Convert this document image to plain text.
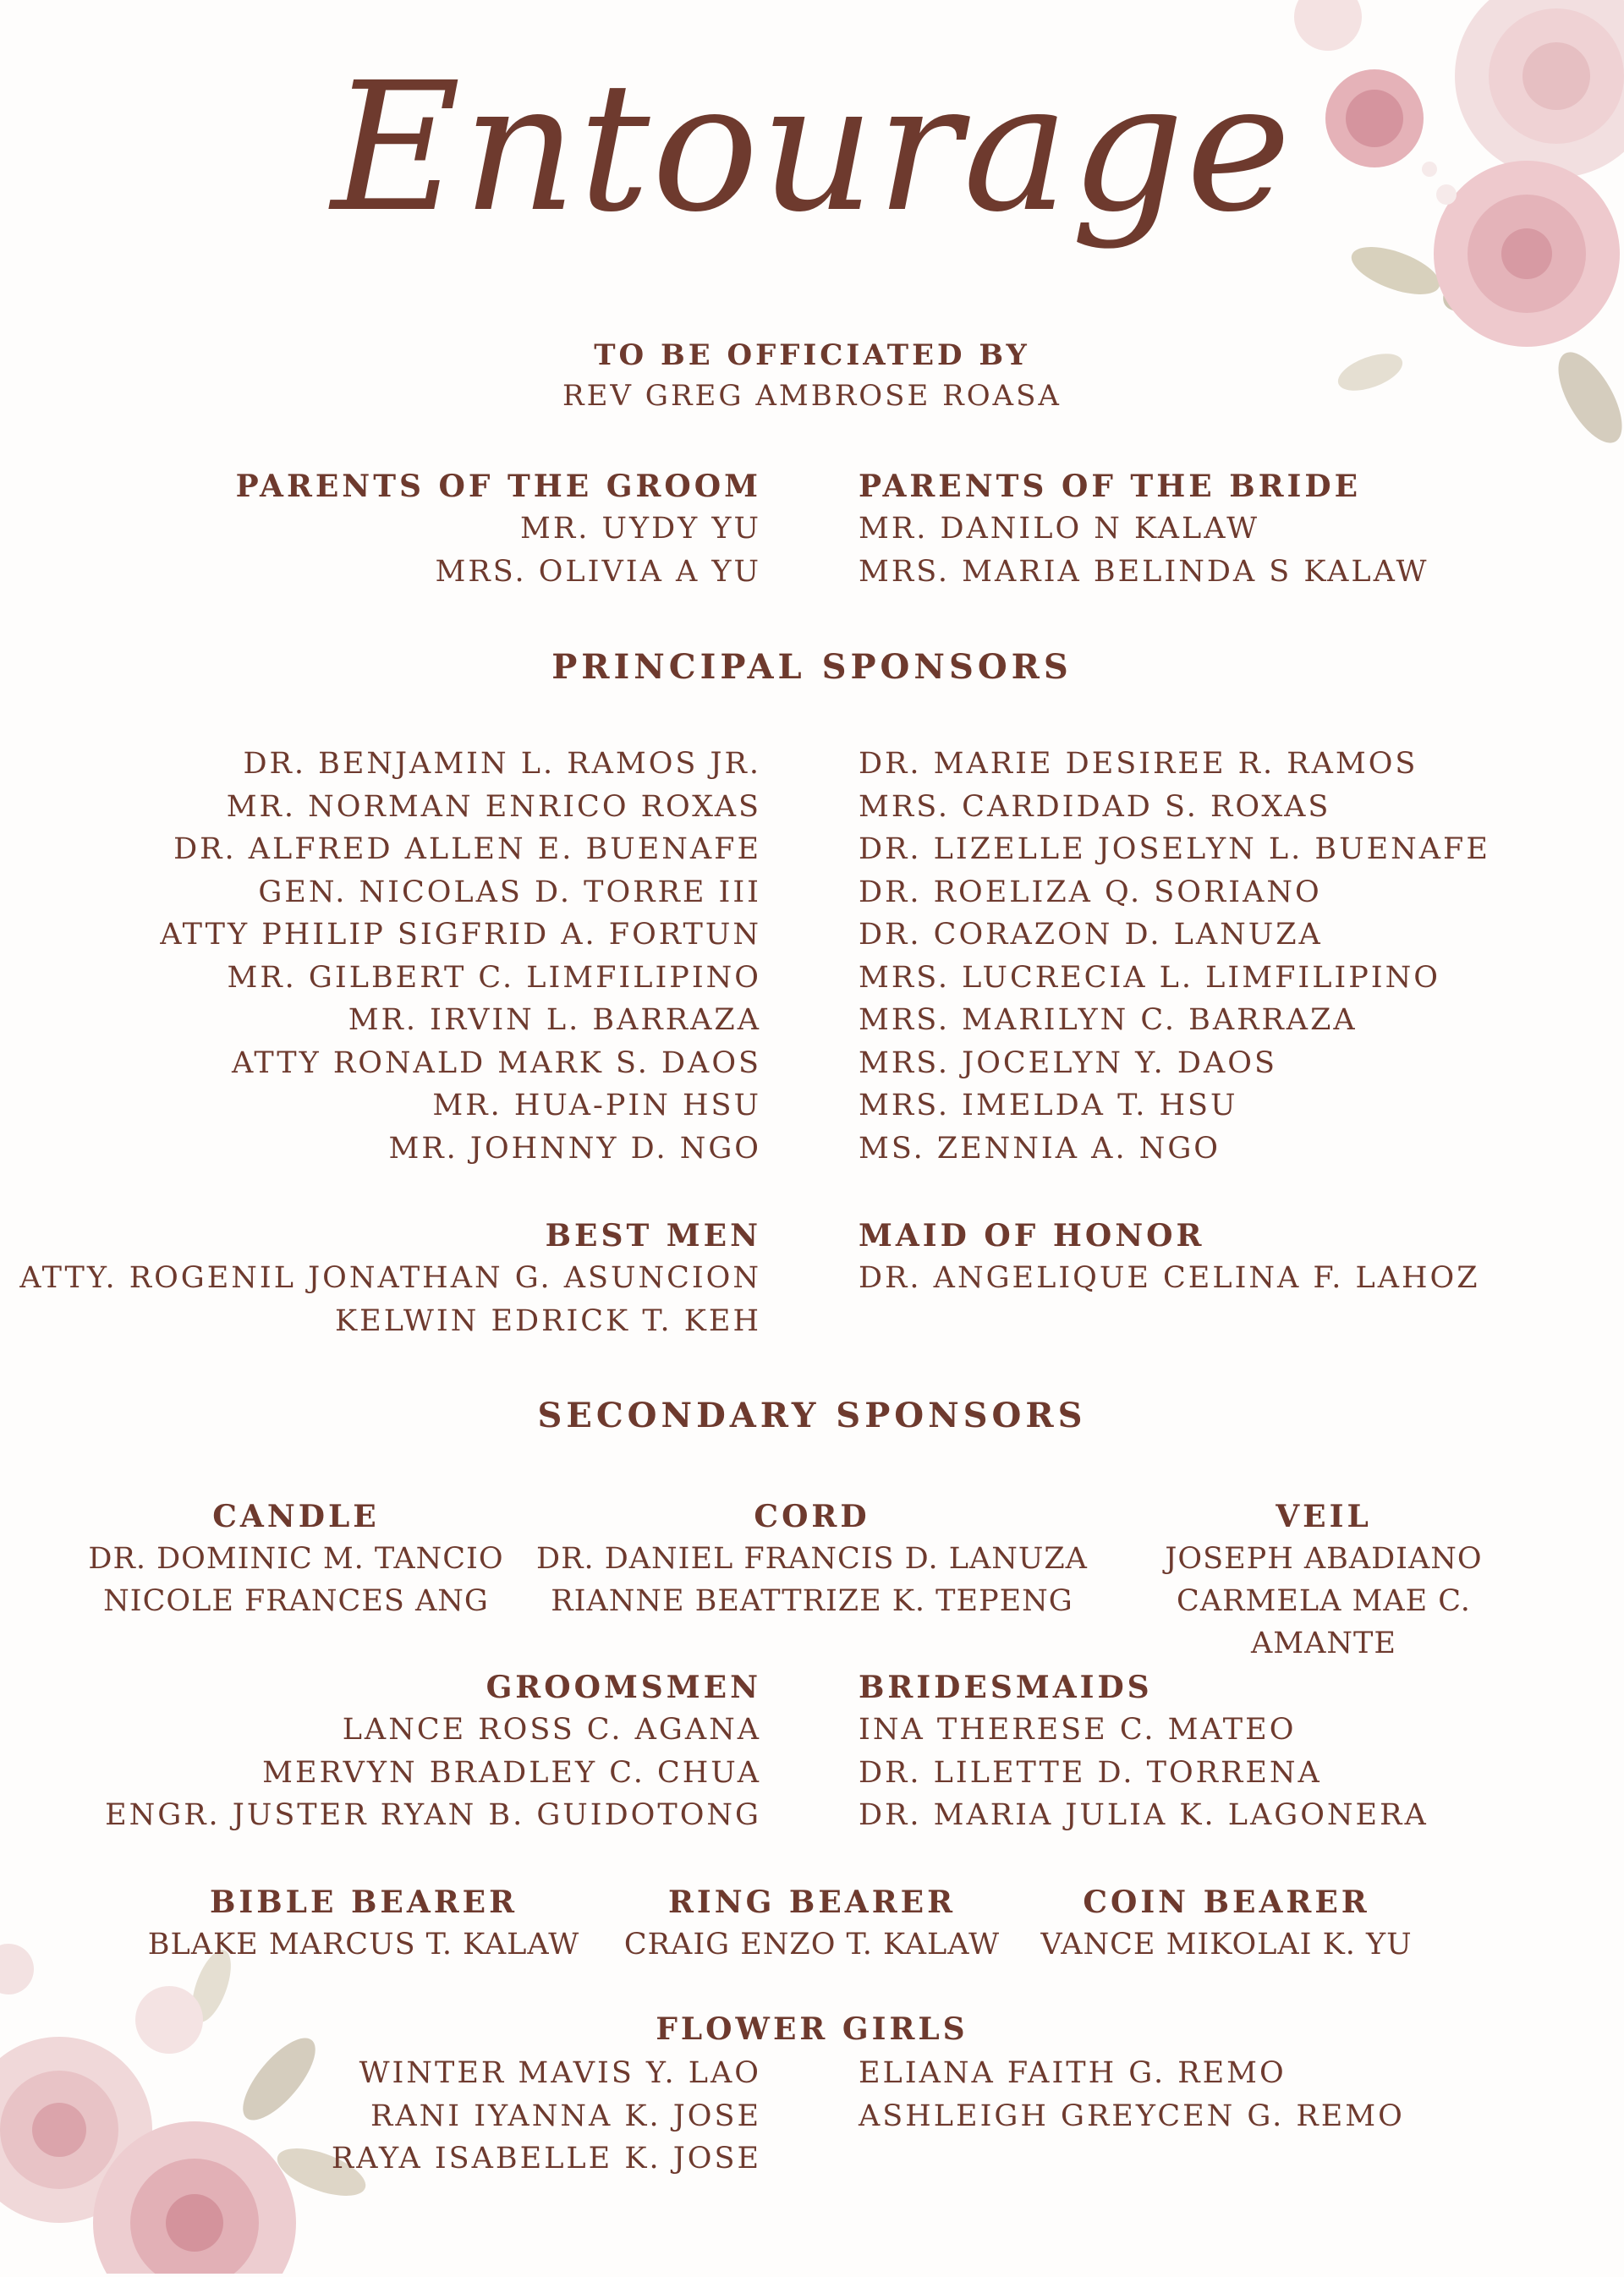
Entourage
TO BE OFFICIATED BY
REV GREG AMBROSE ROASA
PARENTS OF THE GROOM
MR. UYDY YU
MRS. OLIVIA A YU
PARENTS OF THE BRIDE
MR. DANILO N KALAW
MRS. MARIA BELINDA S KALAW
PRINCIPAL SPONSORS
DR. BENJAMIN L. RAMOS JR.
MR. NORMAN ENRICO ROXAS
DR. ALFRED ALLEN E. BUENAFE
GEN. NICOLAS D. TORRE III
ATTY PHILIP SIGFRID A. FORTUN
MR. GILBERT C. LIMFILIPINO
MR. IRVIN L. BARRAZA
ATTY RONALD MARK S. DAOS
MR. HUA-PIN HSU
MR. JOHNNY D. NGO
DR. MARIE DESIREE R. RAMOS
MRS. CARDIDAD S. ROXAS
DR. LIZELLE JOSELYN L. BUENAFE
DR. ROELIZA Q. SORIANO
DR. CORAZON D. LANUZA
MRS. LUCRECIA L. LIMFILIPINO
MRS. MARILYN C. BARRAZA
MRS. JOCELYN Y. DAOS
MRS. IMELDA T. HSU
MS. ZENNIA A. NGO
BEST MEN
ATTY. ROGENIL JONATHAN G. ASUNCION
KELWIN EDRICK T. KEH
MAID OF HONOR
DR. ANGELIQUE CELINA F. LAHOZ
SECONDARY SPONSORS
CANDLE
DR. DOMINIC M. TANCIO
NICOLE FRANCES ANG
CORD
DR. DANIEL FRANCIS D. LANUZA
RIANNE BEATTRIZE K. TEPENG
VEIL
JOSEPH ABADIANO
CARMELA MAE C. AMANTE
GROOMSMEN
LANCE ROSS C. AGANA
MERVYN BRADLEY C. CHUA
ENGR. JUSTER RYAN B. GUIDOTONG
BRIDESMAIDS
INA THERESE C. MATEO
DR. LILETTE D. TORRENA
DR. MARIA JULIA K. LAGONERA
BIBLE BEARER
BLAKE MARCUS T. KALAW
RING BEARER
CRAIG ENZO T. KALAW
COIN BEARER
VANCE MIKOLAI K. YU
FLOWER GIRLS
WINTER MAVIS Y. LAO
RANI IYANNA K. JOSE
RAYA ISABELLE K. JOSE
ELIANA FAITH G. REMO
ASHLEIGH GREYCEN G. REMO
